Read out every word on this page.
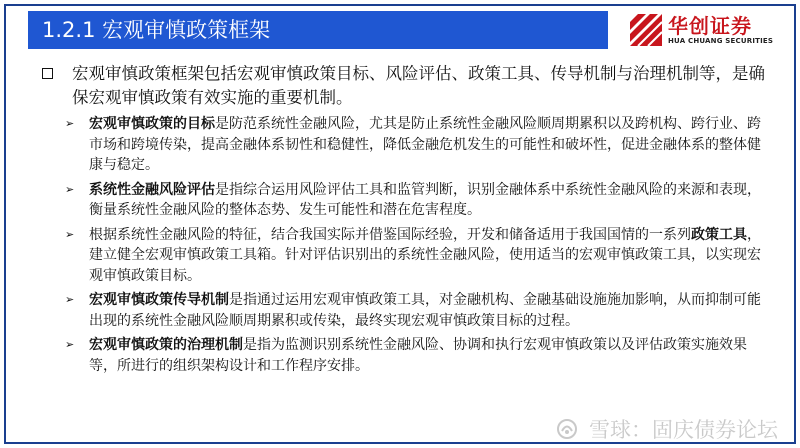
1.2.1 宏观审慎政策框架	华创证券
HUA CHUANG SECURITIES
宏观审慎政策框架包括宏观审慎政策目标、风险评估、政策工具、传导机制与治理机制等，是确保宏观审慎政策有效实施的重要机制。
➢ 宏观审慎政策的目标是防范系统性金融风险，尤其是防止系统性金融风险顺周期累积以及跨机构、跨行业、跨市场和跨境传染，提高金融体系韧性和稳健性，降低金融危机发生的可能性和破坏性，促进金融体系的整体健康与稳定。
➢ 系统性金融风险评估是指综合运用风险评估工具和监管判断，识别金融体系中系统性金融风险的来源和表现，衡量系统性金融风险的整体态势、发生可能性和潜在危害程度。
➢ 根据系统性金融风险的特征，结合我国实际并借鉴国际经验，开发和储备适用于我国国情的一系列政策工具，建立健全宏观审慎政策工具箱。针对评估识别出的系统性金融风险，使用适当的宏观审慎政策工具，以实现宏观审慎政策目标。
➢ 宏观审慎政策传导机制是指通过运用宏观审慎政策工具，对金融机构、金融基础设施施加影响，从而抑制可能出现的系统性金融风险顺周期累积或传染，最终实现宏观审慎政策目标的过程。
➢ 宏观审慎政策的治理机制是指为监测识别系统性金融风险、协调和执行宏观审慎政策以及评估政策实施效果等，所进行的组织架构设计和工作程序安排。
雪球：固庆债券论坛
